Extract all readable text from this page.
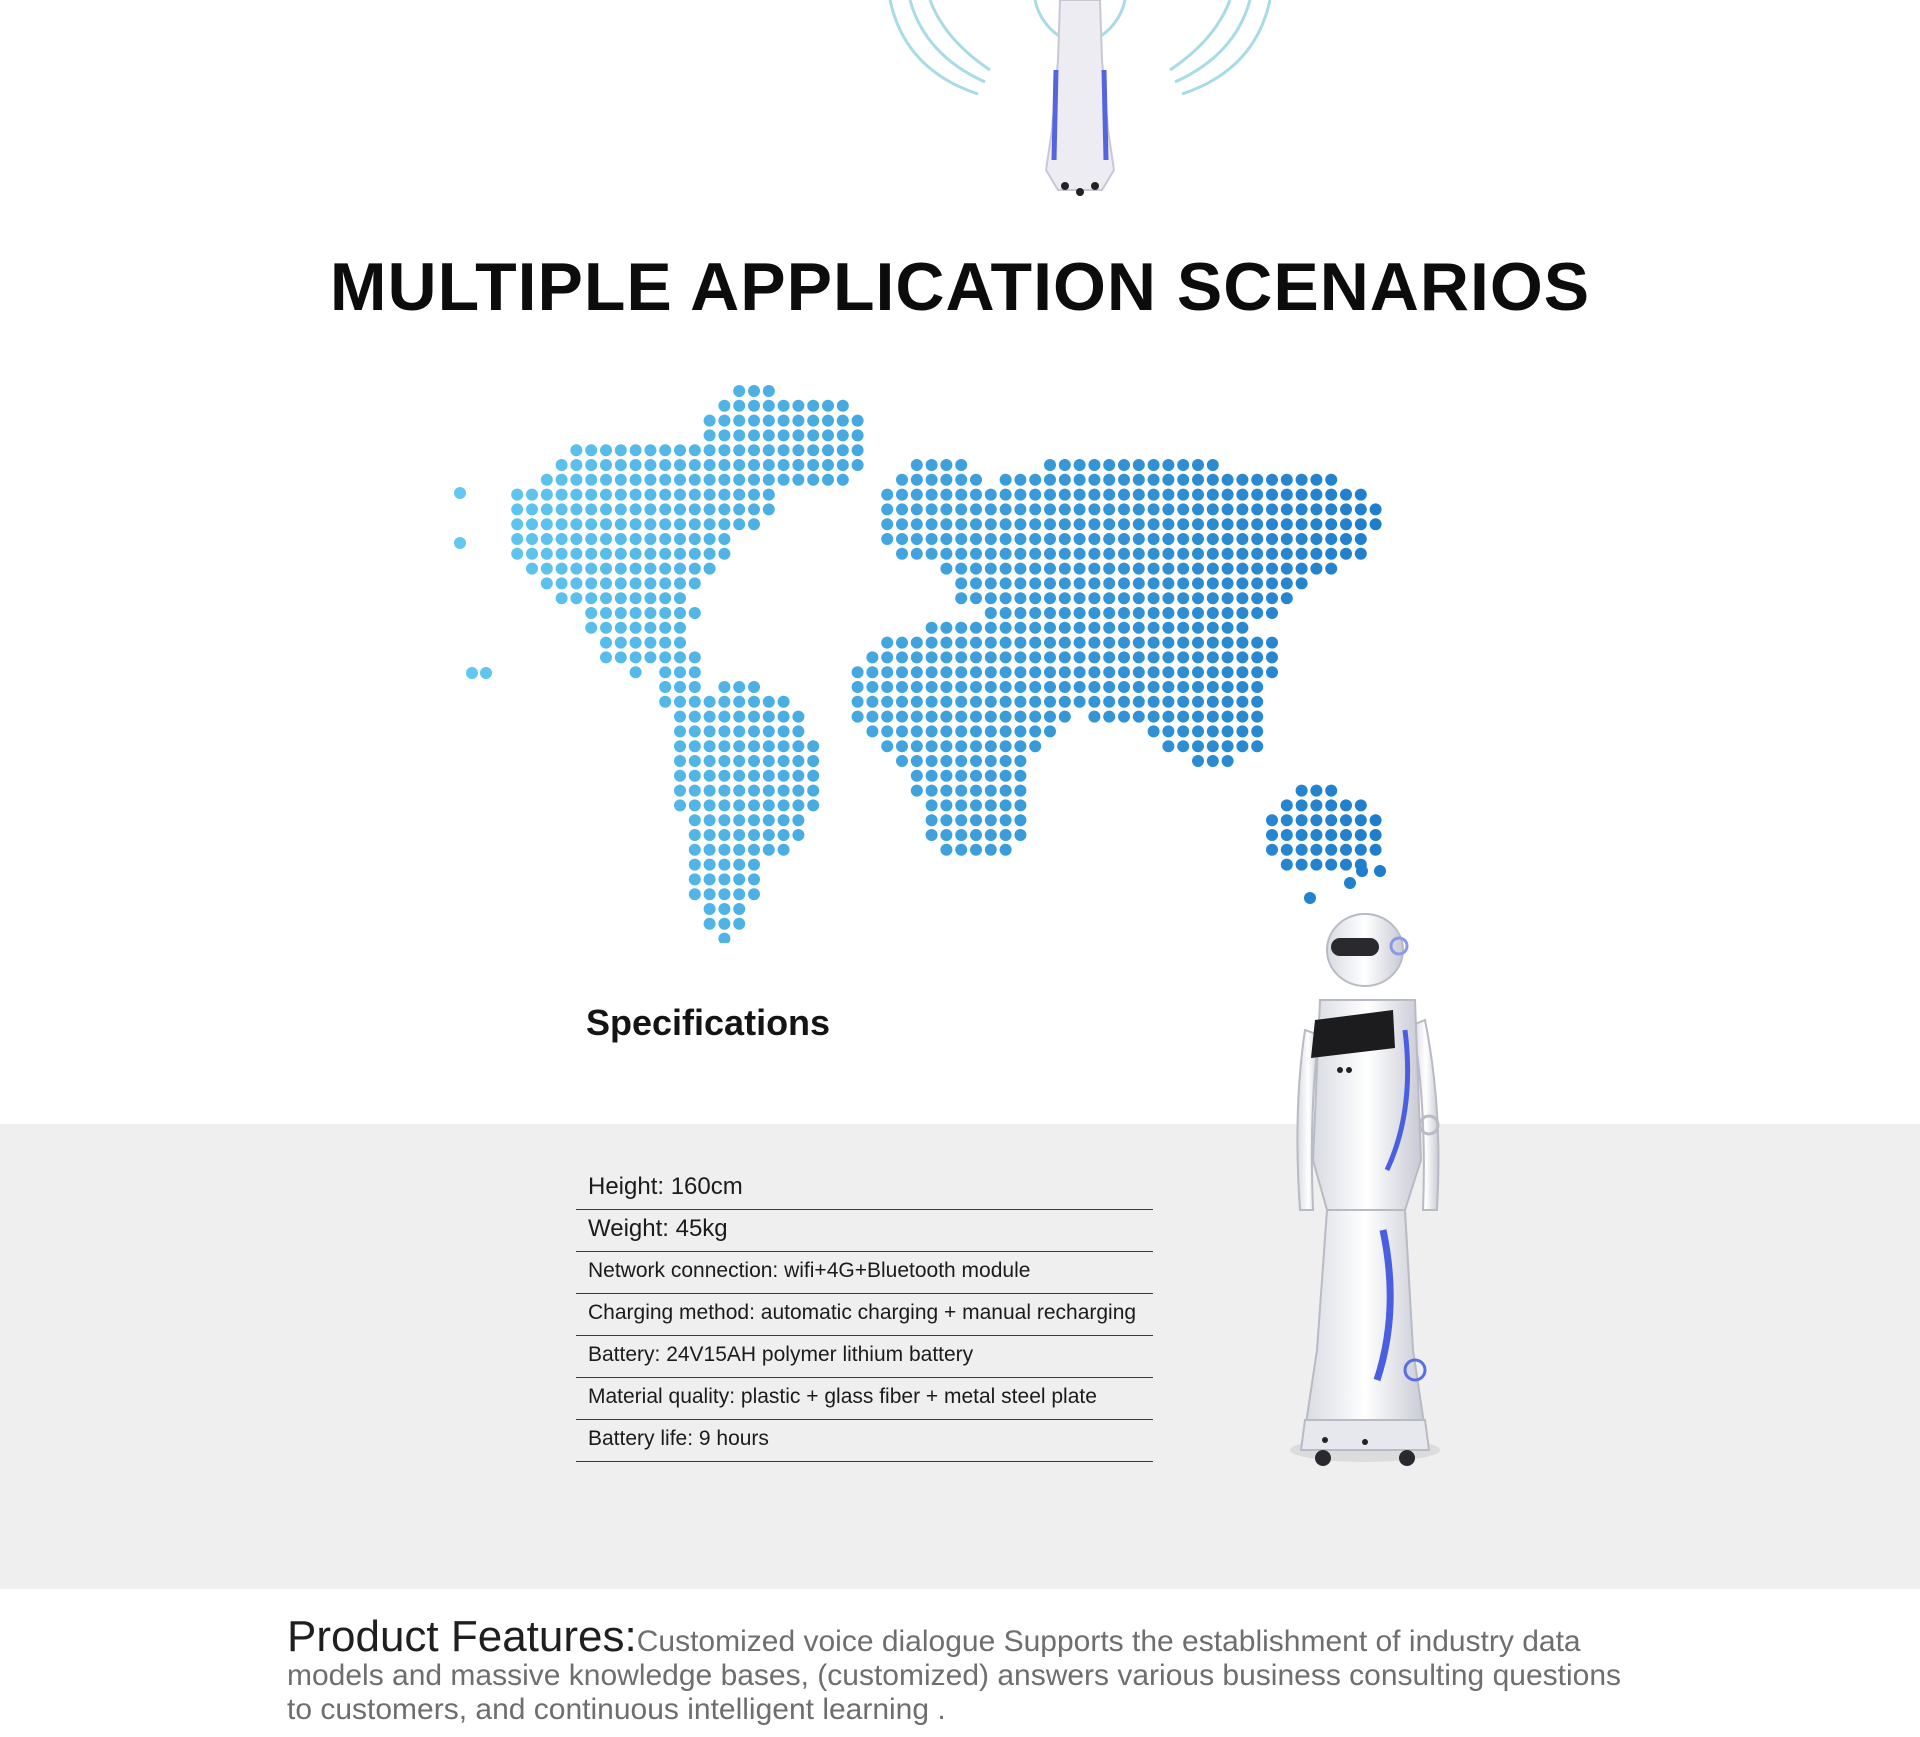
MULTIPLE APPLICATION SCENARIOS
Specifications
Height: 160cm
Weight: 45kg
Network connection: wifi+4G+Bluetooth module
Charging method: automatic charging + manual recharging
Battery: 24V15AH polymer lithium battery
Material quality: plastic + glass fiber + metal steel plate
Battery life: 9 hours

Product Features:Customized voice dialogue Supports the establishment of industry data models and massive knowledge bases, (customized) answers various business consulting questions to customers, and continuous intelligent learning .
